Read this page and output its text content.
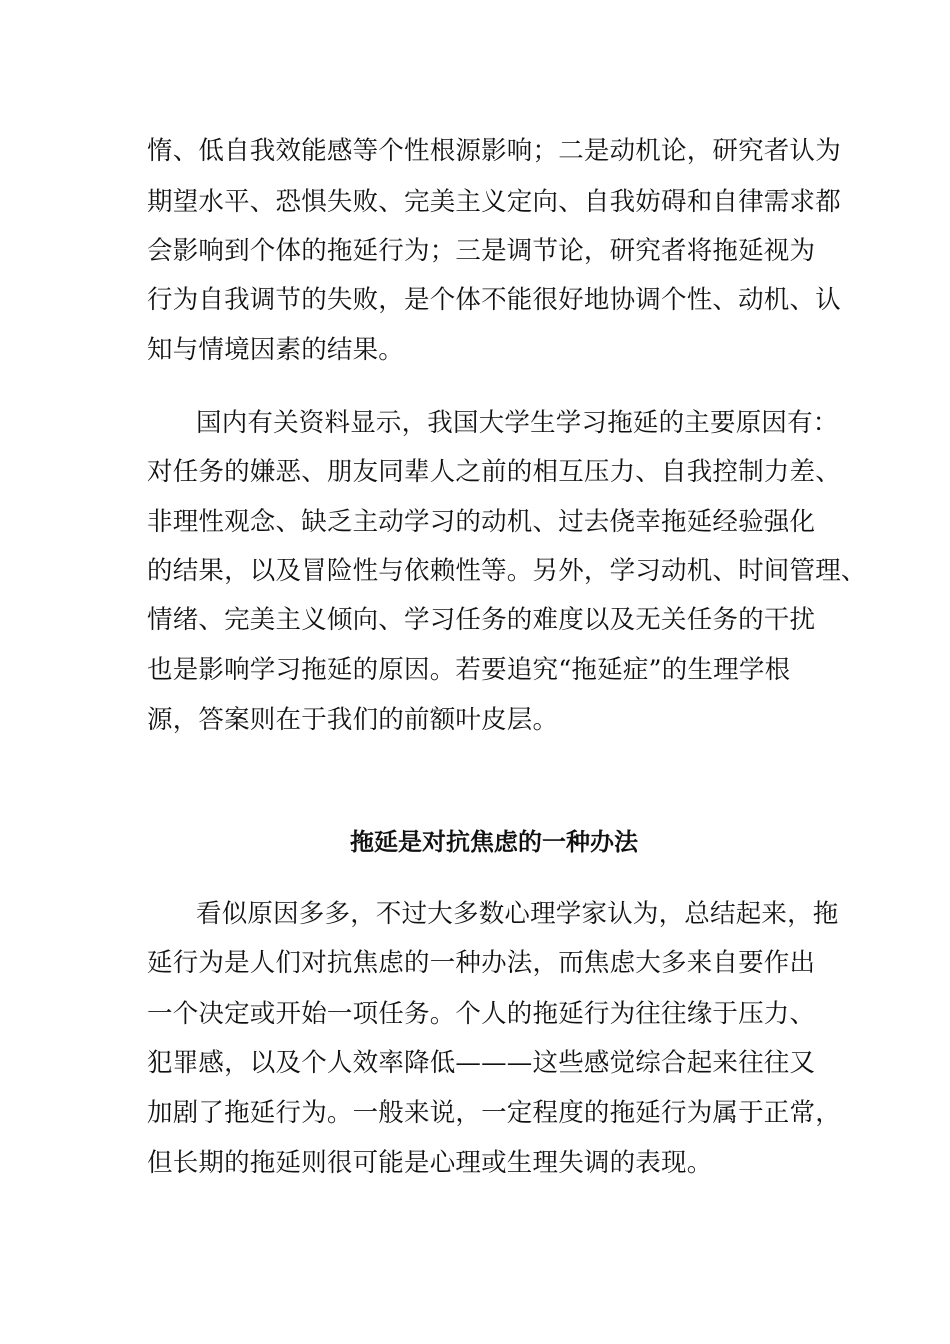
惰、低自我效能感等个性根源影响；二是动机论，研究者认为
期望水平、恐惧失败、完美主义定向、自我妨碍和自律需求都
会影响到个体的拖延行为；三是调节论，研究者将拖延视为
行为自我调节的失败，是个体不能很好地协调个性、动机、认
知与情境因素的结果。
国内有关资料显示，我国大学生学习拖延的主要原因有：
对任务的嫌恶、朋友同辈人之前的相互压力、自我控制力差、
非理性观念、缺乏主动学习的动机、过去侥幸拖延经验强化
的结果，以及冒险性与依赖性等。另外，学习动机、时间管理、
情绪、完美主义倾向、学习任务的难度以及无关任务的干扰
也是影响学习拖延的原因。若要追究“拖延症”的生理学根
源，答案则在于我们的前额叶皮层。
拖延是对抗焦虑的一种办法
看似原因多多，不过大多数心理学家认为，总结起来，拖
延行为是人们对抗焦虑的一种办法，而焦虑大多来自要作出
一个决定或开始一项任务。个人的拖延行为往往缘于压力、
犯罪感，以及个人效率降低———这些感觉综合起来往往又
加剧了拖延行为。一般来说，一定程度的拖延行为属于正常，
但长期的拖延则很可能是心理或生理失调的表现。
